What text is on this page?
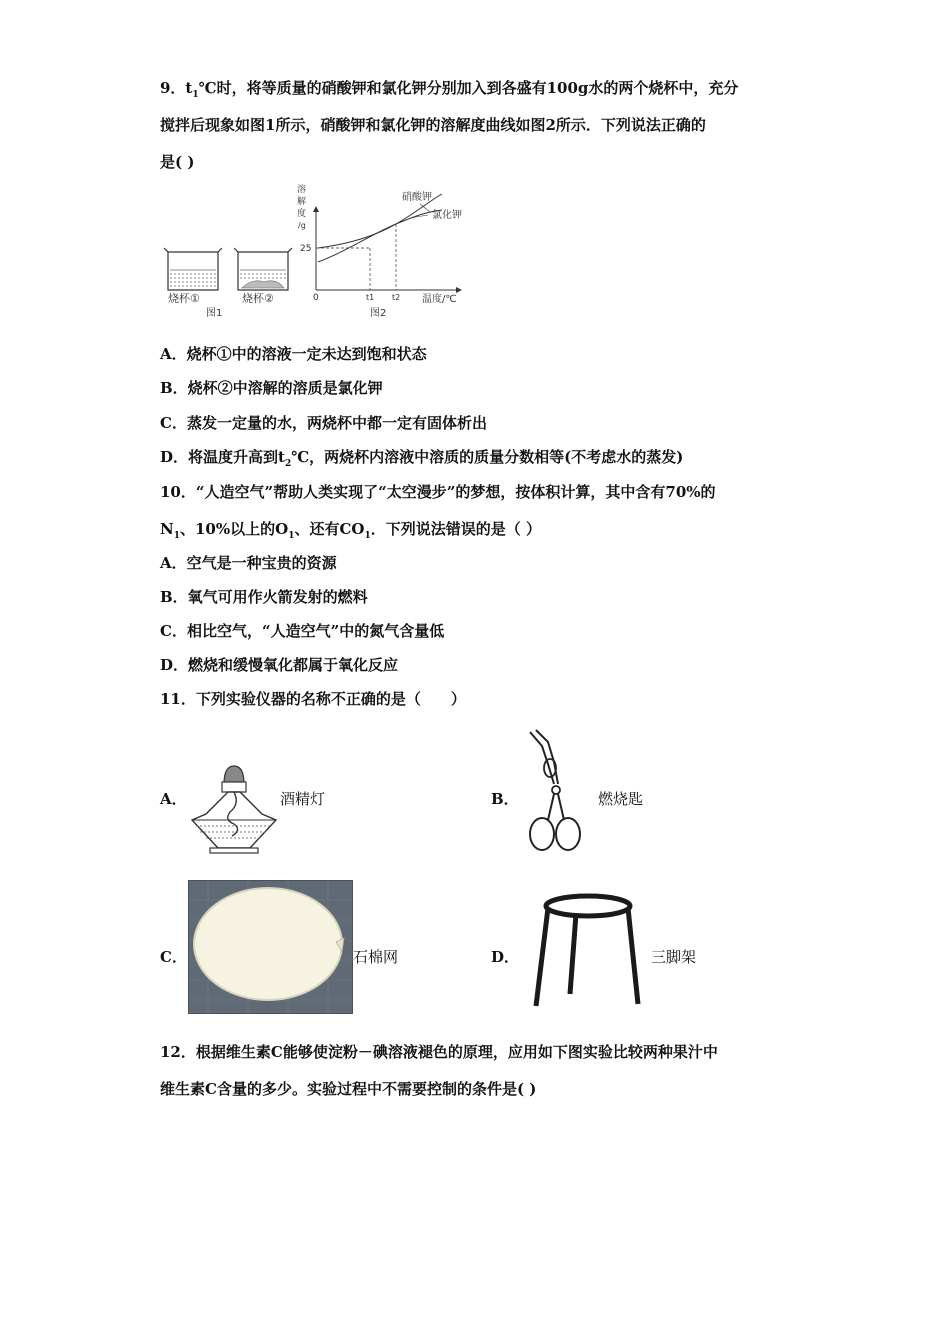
9．$t_1℃$时，将等质量的硝酸钾和氯化钾分别加入到各盛有100g水的两个烧杯中，充分
搅拌后现象如图1所示，硝酸钾和氯化钾的溶解度曲线如图2所示．下列说法正确的
是( )
烧杯①
图1
烧杯②
溶
解
度
/g
25
0	t1 t2 温度/℃
硝酸钾
氯化钾
图2
A．烧杯①中的溶液一定未达到饱和状态
B．烧杯②中溶解的溶质是氯化钾
C．蒸发一定量的水，两烧杯中都一定有固体析出
D．将温度升高到$t_2℃$，两烧杯内溶液中溶质的质量分数相等(不考虑水的蒸发)
10．“人造空气”帮助人类实现了“太空漫步”的梦想，按体积计算，其中含有70%的
$N_1$、10%以上的$O_1$、还有$CO_1$．下列说法错误的是（ ）
A．空气是一种宝贵的资源
B．氧气可用作火箭发射的燃料
C．相比空气，“人造空气”中的氮气含量低
D．燃烧和缓慢氧化都属于氧化反应
11．下列实验仪器的名称不正确的是（　　）
A．	酒精灯	B．	燃烧匙
C．	石棉网	D．	三脚架
12．根据维生素C能够使淀粉－碘溶液褪色的原理，应用如下图实验比较两种果汁中
维生素C含量的多少。实验过程中不需要控制的条件是( )
